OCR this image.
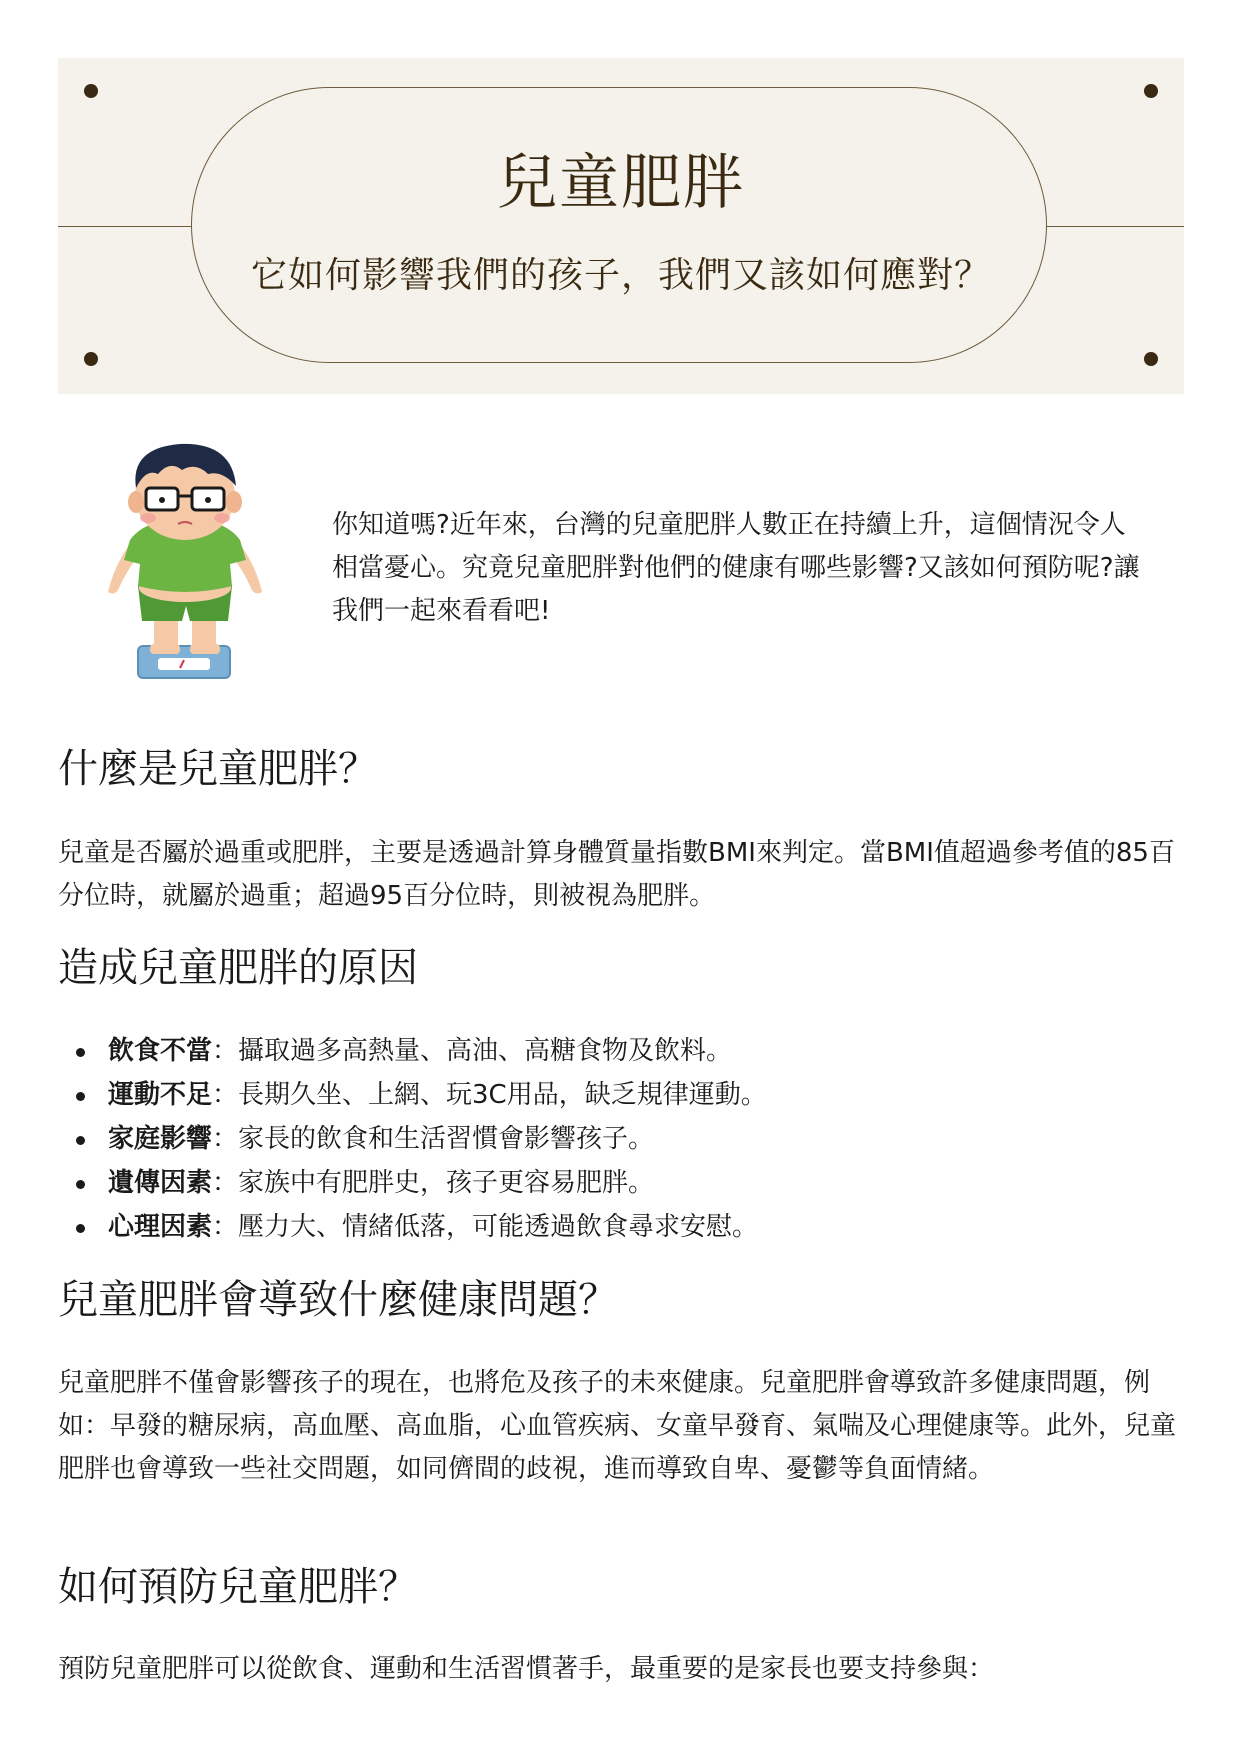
兒童肥胖
它如何影響我們的孩子，我們又該如何應對？

你知道嗎?近年來，台灣的兒童肥胖人數正在持續上升，這個情況令人相當憂心。究竟兒童肥胖對他們的健康有哪些影響?又該如何預防呢?讓我們一起來看看吧!

什麼是兒童肥胖？

兒童是否屬於過重或肥胖，主要是透過計算身體質量指數BMI來判定。當BMI值超過參考值的85百分位時，就屬於過重；超過95百分位時，則被視為肥胖。

造成兒童肥胖的原因
飲食不當：攝取過多高熱量、高油、高糖食物及飲料。
運動不足：長期久坐、上網、玩3C用品，缺乏規律運動。
家庭影響：家長的飲食和生活習慣會影響孩子。
遺傳因素：家族中有肥胖史，孩子更容易肥胖。
心理因素：壓力大、情緒低落，可能透過飲食尋求安慰。
兒童肥胖會導致什麼健康問題？

兒童肥胖不僅會影響孩子的現在，也將危及孩子的未來健康。兒童肥胖會導致許多健康問題，例如：早發的糖尿病，高血壓、高血脂，心血管疾病、女童早發育、氣喘及心理健康等。此外，兒童肥胖也會導致一些社交問題，如同儕間的歧視，進而導致自卑、憂鬱等負面情緒。

如何預防兒童肥胖？

預防兒童肥胖可以從飲食、運動和生活習慣著手，最重要的是家長也要支持參與：
